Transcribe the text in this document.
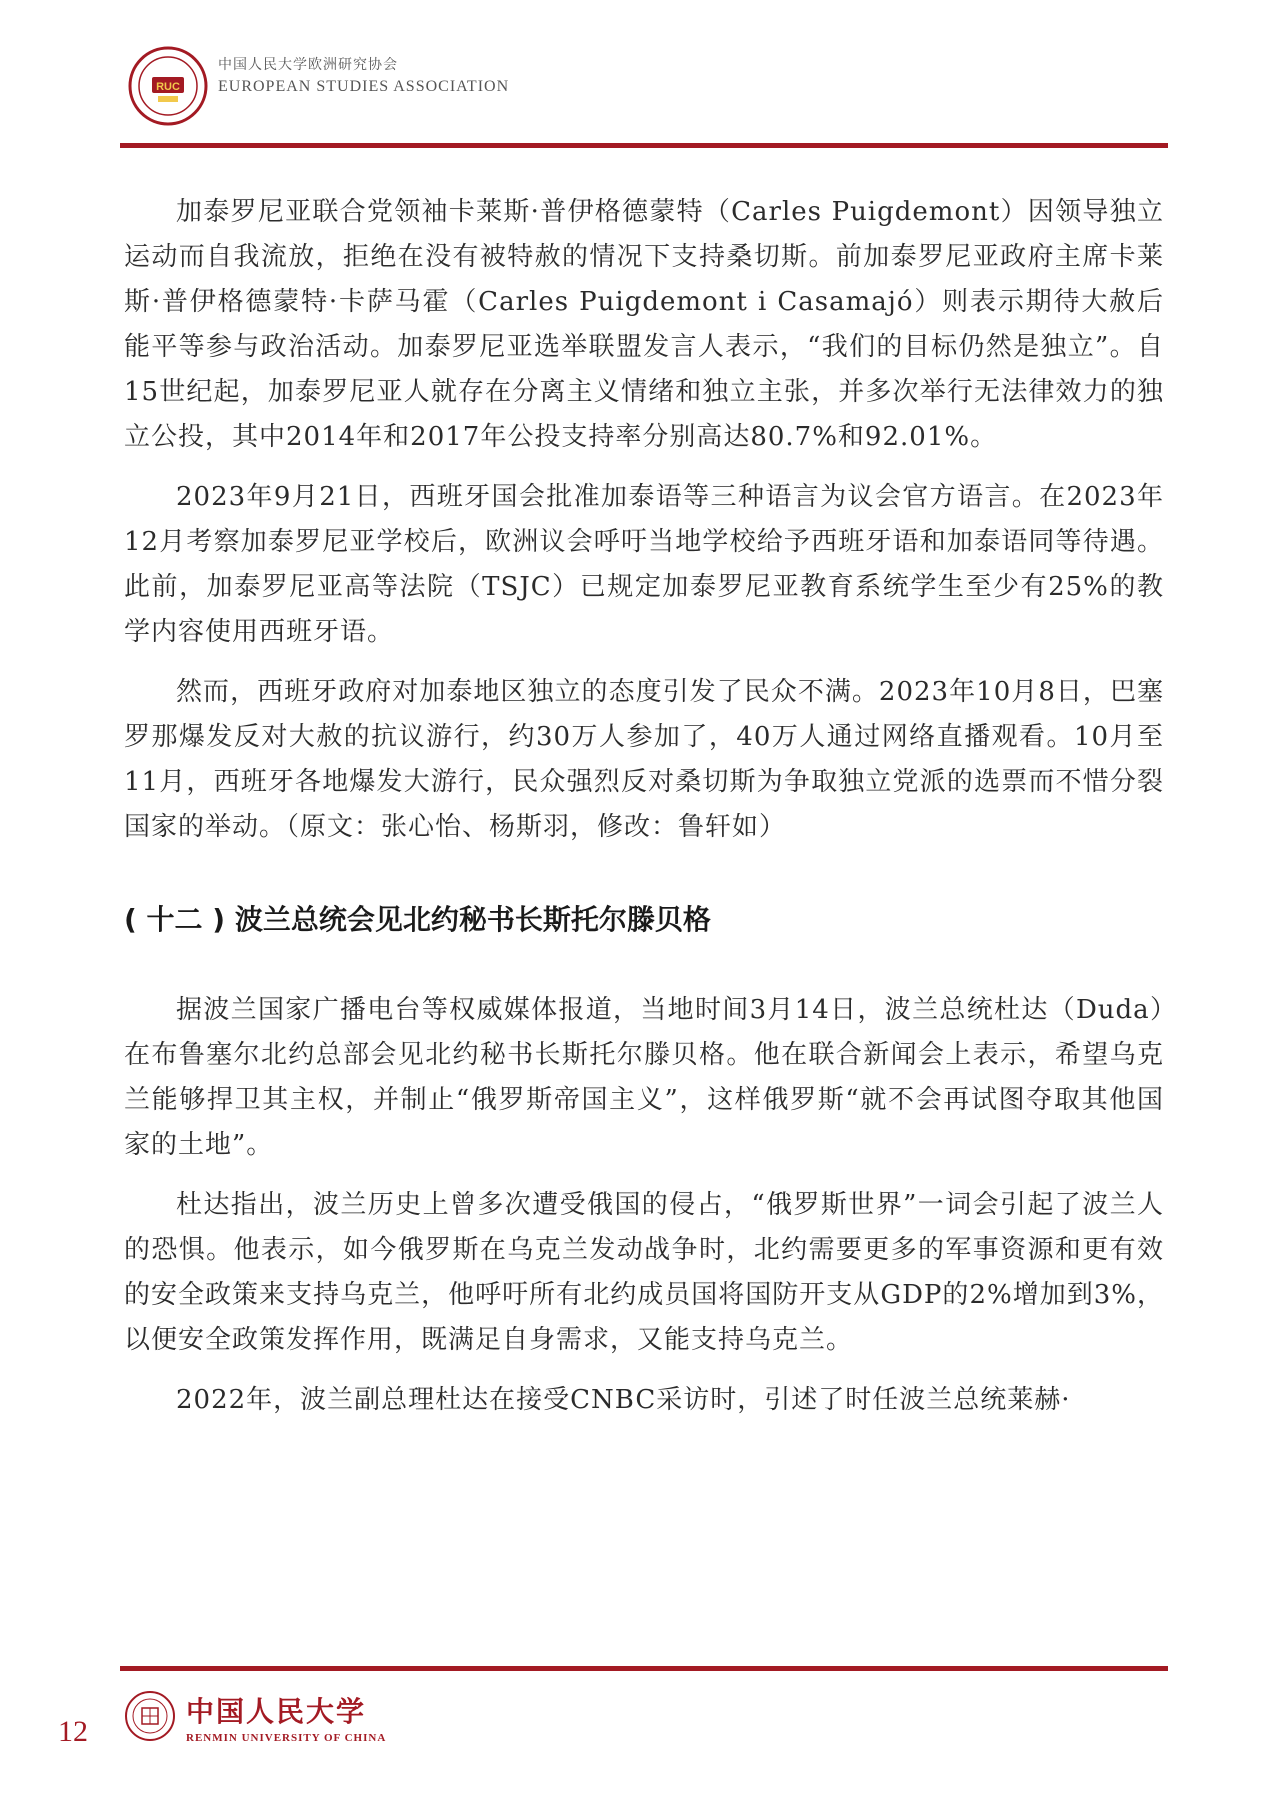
RUC
中国人民大学欧洲研究协会
EUROPEAN STUDIES ASSOCIATION

加泰罗尼亚联合党领袖卡莱斯·普伊格德蒙特（Carles Puigdemont）因领导独立运动而自我流放，拒绝在没有被特赦的情况下支持桑切斯。前加泰罗尼亚政府主席卡莱斯·普伊格德蒙特·卡萨马霍（Carles Puigdemont i Casamajó）则表示期待大赦后能平等参与政治活动。加泰罗尼亚选举联盟发言人表示，“我们的目标仍然是独立”。自15世纪起，加泰罗尼亚人就存在分离主义情绪和独立主张，并多次举行无法律效力的独立公投，其中2014年和2017年公投支持率分别高达80.7%和92.01%。

2023年9月21日，西班牙国会批准加泰语等三种语言为议会官方语言。在2023年12月考察加泰罗尼亚学校后，欧洲议会呼吁当地学校给予西班牙语和加泰语同等待遇。此前，加泰罗尼亚高等法院（TSJC）已规定加泰罗尼亚教育系统学生至少有25%的教学内容使用西班牙语。

然而，西班牙政府对加泰地区独立的态度引发了民众不满。2023年10月8日，巴塞罗那爆发反对大赦的抗议游行，约30万人参加了，40万人通过网络直播观看。10月至11月，西班牙各地爆发大游行，民众强烈反对桑切斯为争取独立党派的选票而不惜分裂国家的举动。（原文：张心怡、杨斯羽，修改：鲁轩如）

( 十二 ) 波兰总统会见北约秘书长斯托尔滕贝格

据波兰国家广播电台等权威媒体报道，当地时间3月14日，波兰总统杜达（Duda）在布鲁塞尔北约总部会见北约秘书长斯托尔滕贝格。他在联合新闻会上表示，希望乌克兰能够捍卫其主权，并制止“俄罗斯帝国主义”，这样俄罗斯“就不会再试图夺取其他国家的土地”。

杜达指出，波兰历史上曾多次遭受俄国的侵占，“俄罗斯世界”一词会引起了波兰人的恐惧。他表示，如今俄罗斯在乌克兰发动战争时，北约需要更多的军事资源和更有效的安全政策来支持乌克兰，他呼吁所有北约成员国将国防开支从GDP的2%增加到3%，以便安全政策发挥作用，既满足自身需求，又能支持乌克兰。

2022年，波兰副总理杜达在接受CNBC采访时，引述了时任波兰总统莱赫·

12
中国人民大学
RENMIN UNIVERSITY OF CHINA
